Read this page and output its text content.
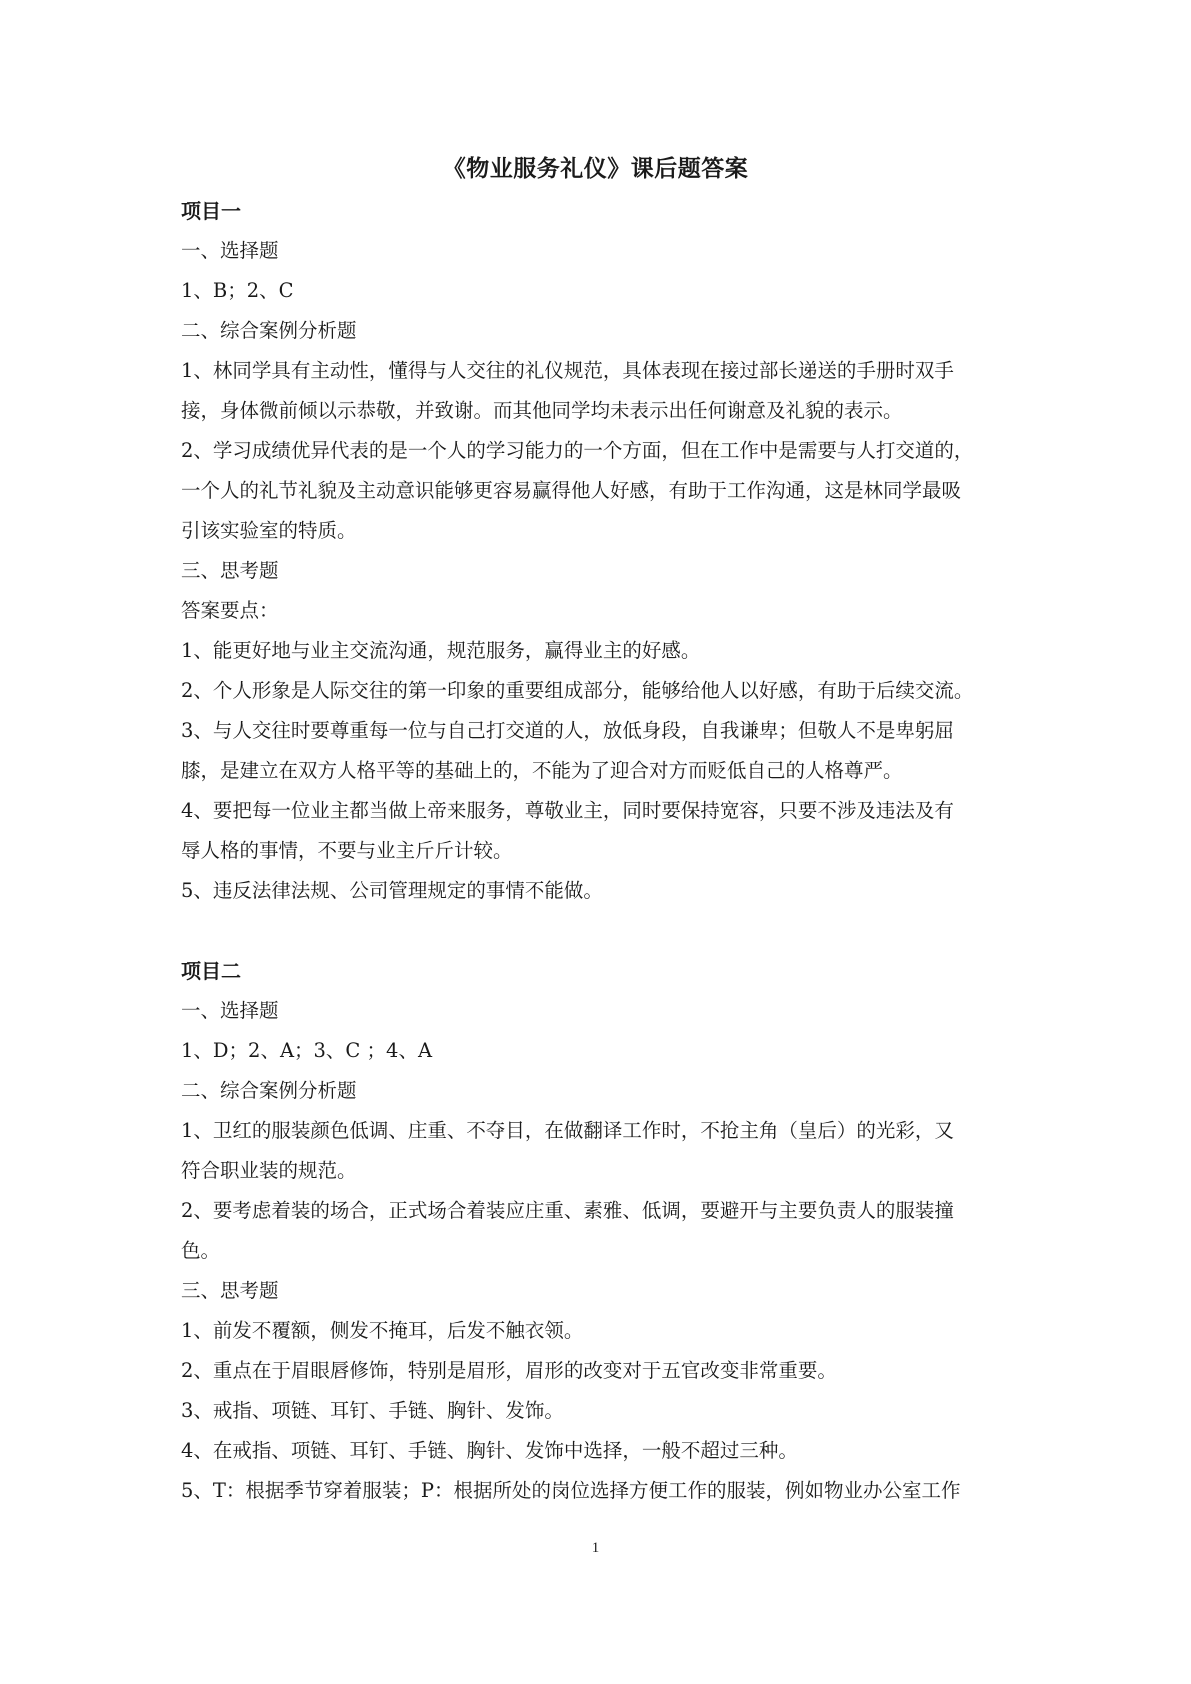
《物业服务礼仪》课后题答案

项目一

一、选择题

1、B；2、C

二、综合案例分析题

1、林同学具有主动性，懂得与人交往的礼仪规范，具体表现在接过部长递送的手册时双手

接，身体微前倾以示恭敬，并致谢。而其他同学均未表示出任何谢意及礼貌的表示。

2、学习成绩优异代表的是一个人的学习能力的一个方面，但在工作中是需要与人打交道的，

一个人的礼节礼貌及主动意识能够更容易赢得他人好感，有助于工作沟通，这是林同学最吸

引该实验室的特质。

三、思考题

答案要点：

1、能更好地与业主交流沟通，规范服务，赢得业主的好感。

2、个人形象是人际交往的第一印象的重要组成部分，能够给他人以好感，有助于后续交流。

3、与人交往时要尊重每一位与自己打交道的人，放低身段，自我谦卑；但敬人不是卑躬屈

膝，是建立在双方人格平等的基础上的，不能为了迎合对方而贬低自己的人格尊严。

4、要把每一位业主都当做上帝来服务，尊敬业主，同时要保持宽容，只要不涉及违法及有

辱人格的事情，不要与业主斤斤计较。

5、违反法律法规、公司管理规定的事情不能做。

项目二

一、选择题

1、D；2、A；3、C ；4、A

二、综合案例分析题

1、卫红的服装颜色低调、庄重、不夺目，在做翻译工作时，不抢主角（皇后）的光彩，又

符合职业装的规范。

2、要考虑着装的场合，正式场合着装应庄重、素雅、低调，要避开与主要负责人的服装撞

色。

三、思考题

1、前发不覆额，侧发不掩耳，后发不触衣领。

2、重点在于眉眼唇修饰，特别是眉形，眉形的改变对于五官改变非常重要。

3、戒指、项链、耳钉、手链、胸针、发饰。

4、在戒指、项链、耳钉、手链、胸针、发饰中选择，一般不超过三种。

5、T：根据季节穿着服装；P：根据所处的岗位选择方便工作的服装，例如物业办公室工作

1
